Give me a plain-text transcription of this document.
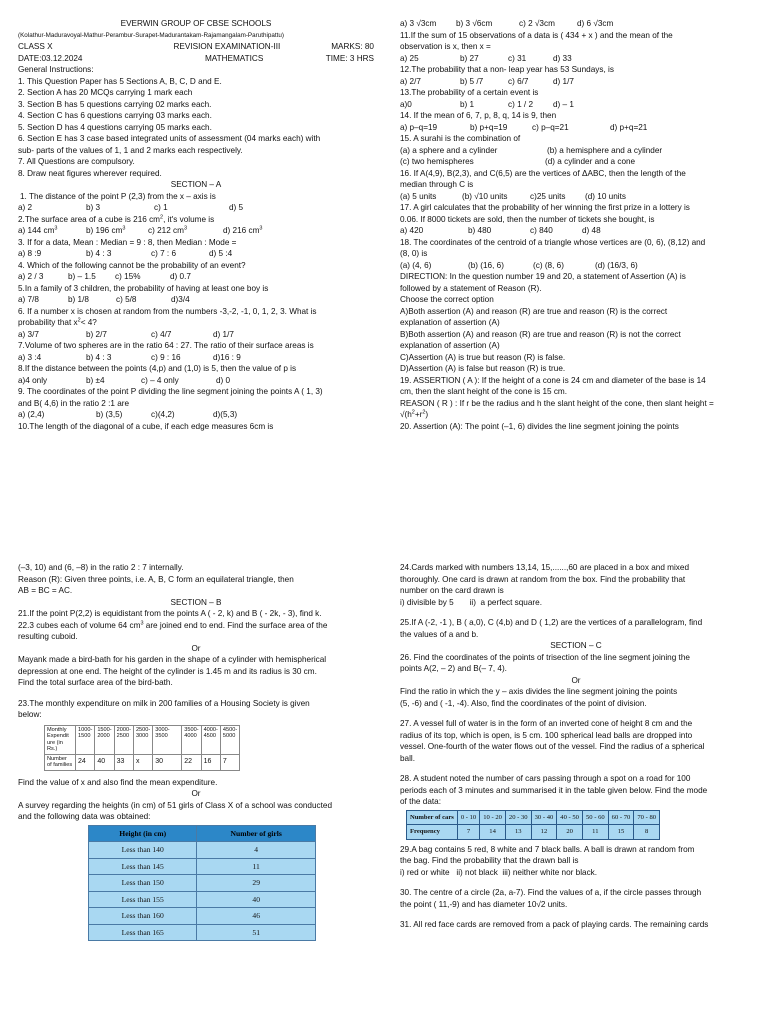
EVERWIN GROUP OF CBSE SCHOOLS
(Kolathur-Maduravoyal-Mathur-Perambur-Surapet-Madurantakam-Rajamangalam-Paruthipattu)
CLASS X	REVISION EXAMINATION-III	MARKS: 80
DATE:03.12.2024	MATHEMATICS	TIME: 3 HRS
General Instructions:
1. This Question Paper has 5 Sections A, B, C, D and E.
2. Section A has 20 MCQs carrying 1 mark each
3. Section B has 5 questions carrying 02 marks each.
4. Section C has 6 questions carrying 03 marks each.
5. Section D has 4 questions carrying 05 marks each.
6. Section E has 3 case based integrated units of assessment (04 marks each) with
sub- parts of the values of 1, 1 and 2 marks each respectively.
7. All Questions are compulsory.
8. Draw neat figures wherever required.
SECTION – A
1. The distance of the point P (2,3) from the x – axis is
a) 2	b) 3	c) 1	d) 5
2.The surface area of a cube is 216 $cm^2$, it's volume is
a) 144 $cm^3$	b) 196 $cm^3$	c) 212 $cm^3$	d) 216 $cm^3$
3. If for a data, Mean : Median = 9 : 8, then Median : Mode =
a) 8 :9	b) 4 : 3	c) 7 : 6	d) 5 :4
4. Which of the following cannot be the probability of an event?
a) 2 / 3	b) – 1.5	c) 15%	d) 0.7
5.In a family of 3 children, the probability of having at least one boy is
a) 7/8	b) 1/8	c) 5/8	d)3/4
6. If a number x is chosen at random from the numbers -3,-2, -1, 0, 1, 2, 3. What is
probability that $x^2< 4$?
a) 3/7	b) 2/7	c) 4/7	d) 1/7
7.Volume of two spheres are in the ratio 64 : 27. The ratio of their surface areas is
a) 3 :4	b) 4 : 3	c) 9 : 16	d)16 : 9
8.If the distance between the points (4,p) and (1,0) is 5, then the value of p is
a)4 only	b) ±4	c) – 4 only	d) 0
9. The coordinates of the point P dividing the line segment joining the points A ( 1, 3)
and B( 4,6) in the ratio 2 :1 are
a) (2,4)	b) (3,5)	c)(4,2)	d)(5,3)
10.The length of the diagonal of a cube, if each edge measures 6cm is
a) 3 √3cm	b) 3 √6cm	c) 2 √3cm	d) 6 √3cm
11.If the sum of 15 observations of a data is ( 434 + x ) and the mean of the
observation is x, then x =
a) 25	b) 27	c) 31	d) 33
12.The probability that a non- leap year has 53 Sundays, is
a) 2/7	b) 5 /7	c) 6/7	d) 1/7
13.The probability of a certain event is
a)0	b) 1	c) 1 / 2	d) – 1
14. If the mean of 6, 7, p, 8, q, 14 is 9, then
a) p–q=19	b) p+q=19	c) p–q=21	d) p+q=21
15. A surahi is the combination of
(a) a sphere and a cylinder	(b) a hemisphere and a cylinder
(c) two hemispheres	(d) a cylinder and a cone
16. If A(4,9), B(2,3), and C(6,5) are the vertices of ΔABC, then the length of the
median through C is
(a) 5 units	(b) √10 units	c)25 units	(d) 10 units
17. A girl calculates that the probability of her winning the first prize in a lottery is
0.06. If 8000 tickets are sold, then the number of tickets she bought, is
a) 420	b) 480	c) 840	d) 48
18. The coordinates of the centroid of a triangle whose vertices are (0, 6), (8,12) and
(8, 0) is
(a) (4, 6)	(b) (16, 6)	(c) (8, 6)	(d) (16/3, 6)
DIRECTION: In the question number 19 and 20, a statement of Assertion (A) is
followed by a statement of Reason (R).
Choose the correct option
A)Both assertion (A) and reason (R) are true and reason (R) is the correct
explanation of assertion (A)
B)Both assertion (A) and reason (R) are true and reason (R) is not the correct
explanation of assertion (A)
C)Assertion (A) is true but reason (R) is false.
D)Assertion (A) is false but reason (R) is true.
19. ASSERTION ( A ): If the height of a cone is 24 cm and diameter of the base is 14
cm, then the slant height of the cone is 15 cm.
REASON ( R ) : If r be the radius and h the slant height of the cone, then slant height =
$√(h^2+r^2)$
20. Assertion (A): The point (–1, 6) divides the line segment joining the points
(–3, 10) and (6, –8) in the ratio 2 : 7 internally.
Reason (R): Given three points, i.e. A, B, C form an equilateral triangle, then
AB = BC = AC.
SECTION – B
21.If the point P(2,2) is equidistant from the points A ( - 2, k) and B ( - 2k, - 3), find k.
22.3 cubes each of volume 64 $cm^3$ are joined end to end. Find the surface area of the
resulting cuboid.
Or
Mayank made a bird-bath for his garden in the shape of a cylinder with hemispherical
depression at one end. The height of the cylinder is 1.45 m and its radius is 30 cm.
Find the total surface area of the bird-bath.
23.The monthly expenditure on milk in 200 families of a Housing Society is given
below:
Monthly Expendit ure (in Rs.)	1000-1500	1500-2000	2000-2500	2500-3000	3000-3500	3500-4000	4000-4500	4500-5000
Number of families	24	40	33	x	30	22	16	7
Find the value of x and also find the mean expenditure.
Or
A survey regarding the heights (in cm) of 51 girls of Class X of a school was conducted
and the following data was obtained:
Height (in cm)	Number of girls
Less than 140	4
Less than 145	11
Less than 150	29
Less than 155	40
Less than 160	46
Less than 165	51
24.Cards marked with numbers 13,14, 15,......,60 are placed in a box and mixed
thoroughly. One card is drawn at random from the box. Find the probability that
number on the card drawn is
i) divisible by 5       ii)  a perfect square.
25.If A (-2, -1 ), B ( a,0), C (4,b) and D ( 1,2) are the vertices of a parallelogram, find
the values of a and b.
SECTION – C
26. Find the coordinates of the points of trisection of the line segment joining the
points A(2, – 2) and B(– 7, 4).
Or
Find the ratio in which the y – axis divides the line segment joining the points
(5, -6) and ( -1, -4). Also, find the coordinates of the point of division.
27. A vessel full of water is in the form of an inverted cone of height 8 cm and the
radius of its top, which is open, is 5 cm. 100 spherical lead balls are dropped into
vessel. One-fourth of the water flows out of the vessel. Find the radius of a spherical
ball.
28. A student noted the number of cars passing through a spot on a road for 100
periods each of 3 minutes and summarised it in the table given below. Find the mode
of the data:
Number of cars	0 - 10	10 - 20	20 - 30	30 - 40	40 - 50	50 - 60	60 - 70	70 - 80
Frequency	7	14	13	12	20	11	15	8
29.A bag contains 5 red, 8 white and 7 black balls. A ball is drawn at random from
the bag. Find the probability that the drawn ball is
i) red or white   ii) not black  iii) neither white nor black.
30. The centre of a circle (2a, a-7). Find the values of a, if the circle passes through
the point ( 11,-9) and has diameter 10√2 units.
31. All red face cards are removed from a pack of playing cards. The remaining cards
